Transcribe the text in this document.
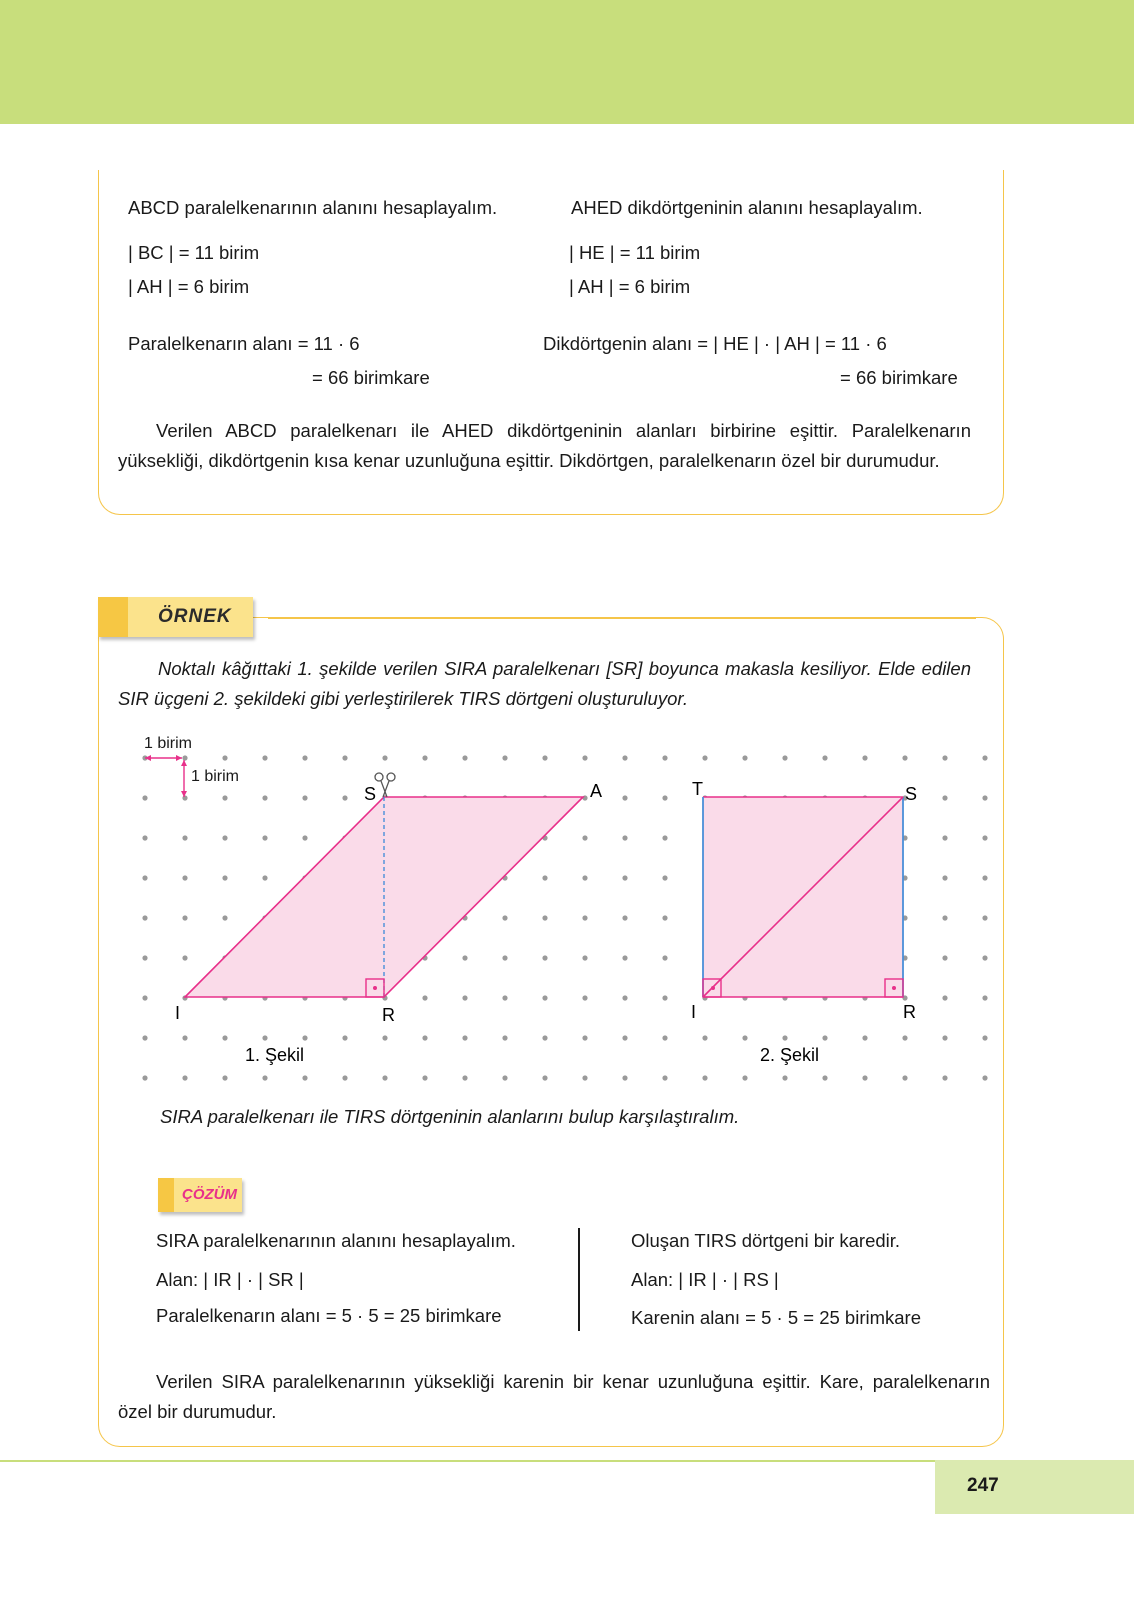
ABCD paralelkenarının alanını hesaplayalım.	AHED dikdörtgeninin alanını hesaplayalım.
| BC | = 11 birim
| AH | = 6 birim
| HE | = 11 birim
| AH | = 6 birim
Paralelkenarın alanı = 11 · 6
= 66 birimkare
Dikdörtgenin alanı = | HE | · | AH | = 11 · 6
= 66 birimkare
Verilen ABCD paralelkenarı ile AHED dikdörtgeninin alanları birbirine eşittir. Paralelkenarın yüksekliği, dikdörtgenin kısa kenar uzunluğuna eşittir. Dikdörtgen, paralelkenarın özel bir durumudur.
ÖRNEK
Noktalı kâğıttaki 1. şekilde verilen SIRA paralelkenarı [SR] boyunca makasla kesiliyor. Elde edilen SIR üçgeni 2. şekildeki gibi yerleştirilerek TIRS dörtgeni oluşturuluyor.
1 birim
1 birim
S	A
I	R
1. Şekil
T	S
I	R
2. Şekil
SIRA paralelkenarı ile TIRS dörtgeninin alanlarını bulup karşılaştıralım.
ÇÖZÜM
SIRA paralelkenarının alanını hesaplayalım.
Alan: | IR | · | SR |
Paralelkenarın alanı = 5 · 5 = 25 birimkare
Oluşan TIRS dörtgeni bir karedir.
Alan: | IR | · | RS |
Karenin alanı = 5 · 5 = 25 birimkare
Verilen SIRA paralelkenarının yüksekliği karenin bir kenar uzunluğuna eşittir. Kare, paralelkenarın özel bir durumudur.
247
